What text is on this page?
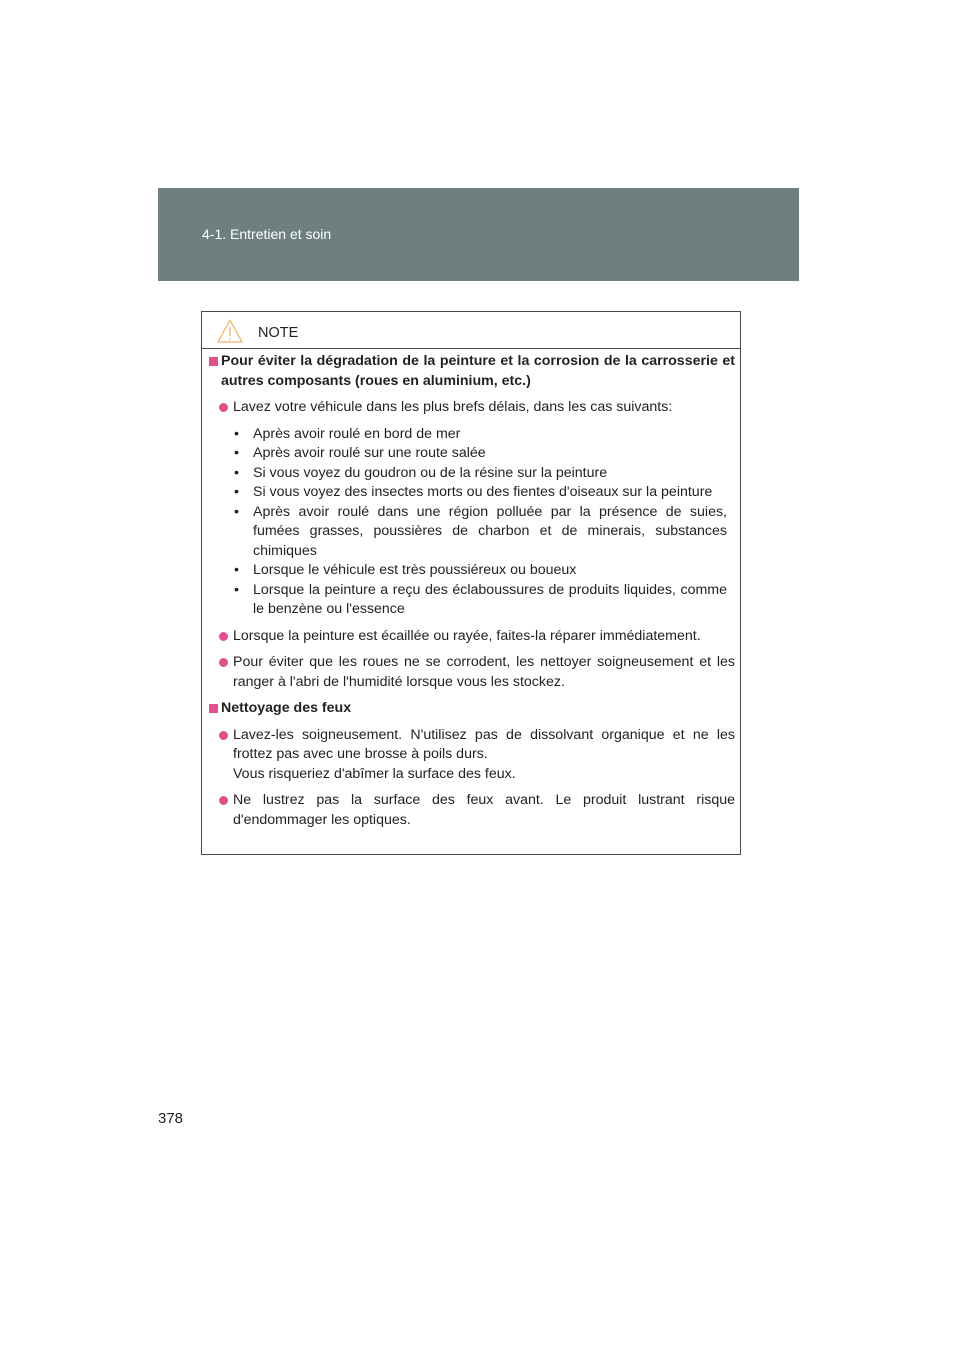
4-1. Entretien et soin
NOTE
Pour éviter la dégradation de la peinture et la corrosion de la carrosserie et autres composants (roues en aluminium, etc.)
Lavez votre véhicule dans les plus brefs délais, dans les cas suivants:
• Après avoir roulé en bord de mer
• Après avoir roulé sur une route salée
• Si vous voyez du goudron ou de la résine sur la peinture
• Si vous voyez des insectes morts ou des fientes d'oiseaux sur la peinture
• Après avoir roulé dans une région polluée par la présence de suies, fumées grasses, poussières de charbon et de minerais, substances chimiques
• Lorsque le véhicule est très poussiéreux ou boueux
• Lorsque la peinture a reçu des éclaboussures de produits liquides, comme le benzène ou l'essence
Lorsque la peinture est écaillée ou rayée, faites-la réparer immédiatement.
Pour éviter que les roues ne se corrodent, les nettoyer soigneusement et les ranger à l'abri de l'humidité lorsque vous les stockez.
Nettoyage des feux
Lavez-les soigneusement. N'utilisez pas de dissolvant organique et ne les frottez pas avec une brosse à poils durs.
Vous risqueriez d'abîmer la surface des feux.
Ne lustrez pas la surface des feux avant. Le produit lustrant risque d'endommager les optiques.
378
